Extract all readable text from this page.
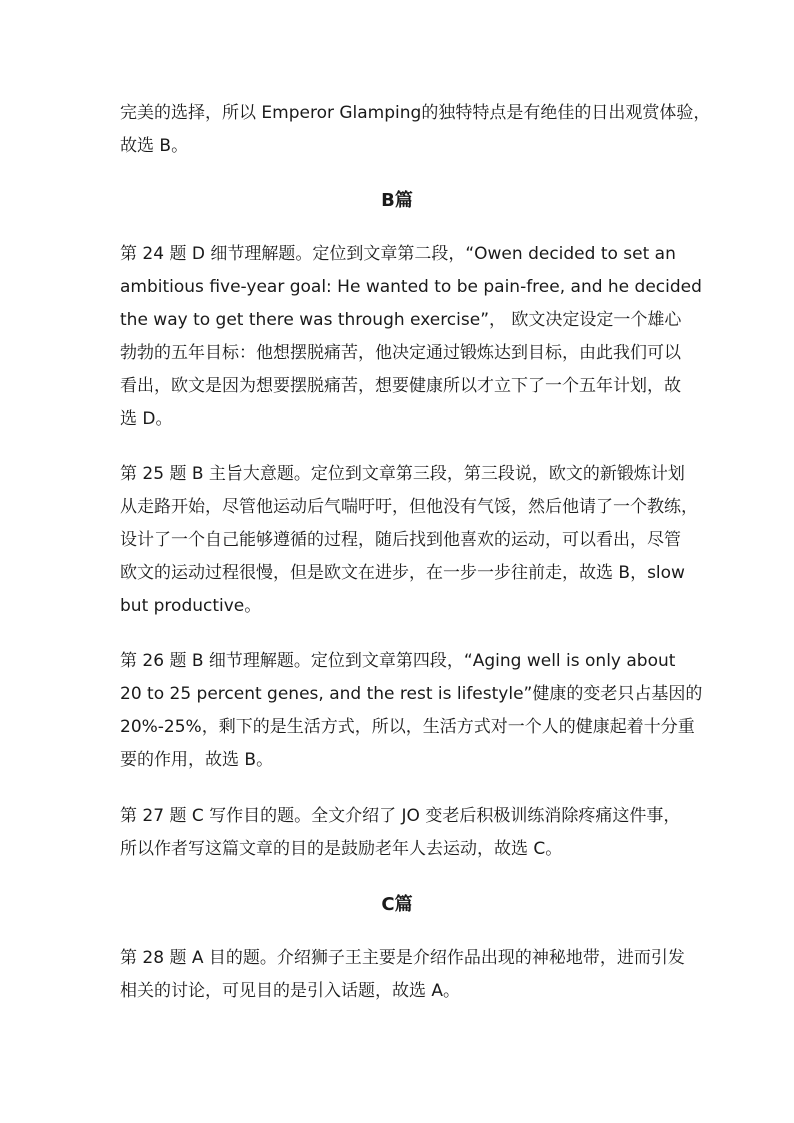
完美的选择，所以 Emperor Glamping的独特特点是有绝佳的日出观赏体验，
故选 B。
B篇
第 24 题 D 细节理解题。定位到文章第二段，“Owen decided to set an
ambitious five-year goal: He wanted to be pain-free, and he decided
the way to get there was through exercise”， 欧文决定设定一个雄心
勃勃的五年目标：他想摆脱痛苦，他决定通过锻炼达到目标，由此我们可以
看出，欧文是因为想要摆脱痛苦，想要健康所以才立下了一个五年计划，故
选 D。
第 25 题 B 主旨大意题。定位到文章第三段，第三段说，欧文的新锻炼计划
从走路开始，尽管他运动后气喘吁吁，但他没有气馁，然后他请了一个教练，
设计了一个自己能够遵循的过程，随后找到他喜欢的运动，可以看出，尽管
欧文的运动过程很慢，但是欧文在进步，在一步一步往前走，故选 B，slow
but productive。
第 26 题 B 细节理解题。定位到文章第四段，“Aging well is only about
20 to 25 percent genes, and the rest is lifestyle”健康的变老只占基因的
20%-25%，剩下的是生活方式，所以，生活方式对一个人的健康起着十分重
要的作用，故选 B。
第 27 题 C 写作目的题。全文介绍了 JO 变老后积极训练消除疼痛这件事，
所以作者写这篇文章的目的是鼓励老年人去运动，故选 C。
C篇
第 28 题 A 目的题。介绍狮子王主要是介绍作品出现的神秘地带，进而引发
相关的讨论，可见目的是引入话题，故选 A。
